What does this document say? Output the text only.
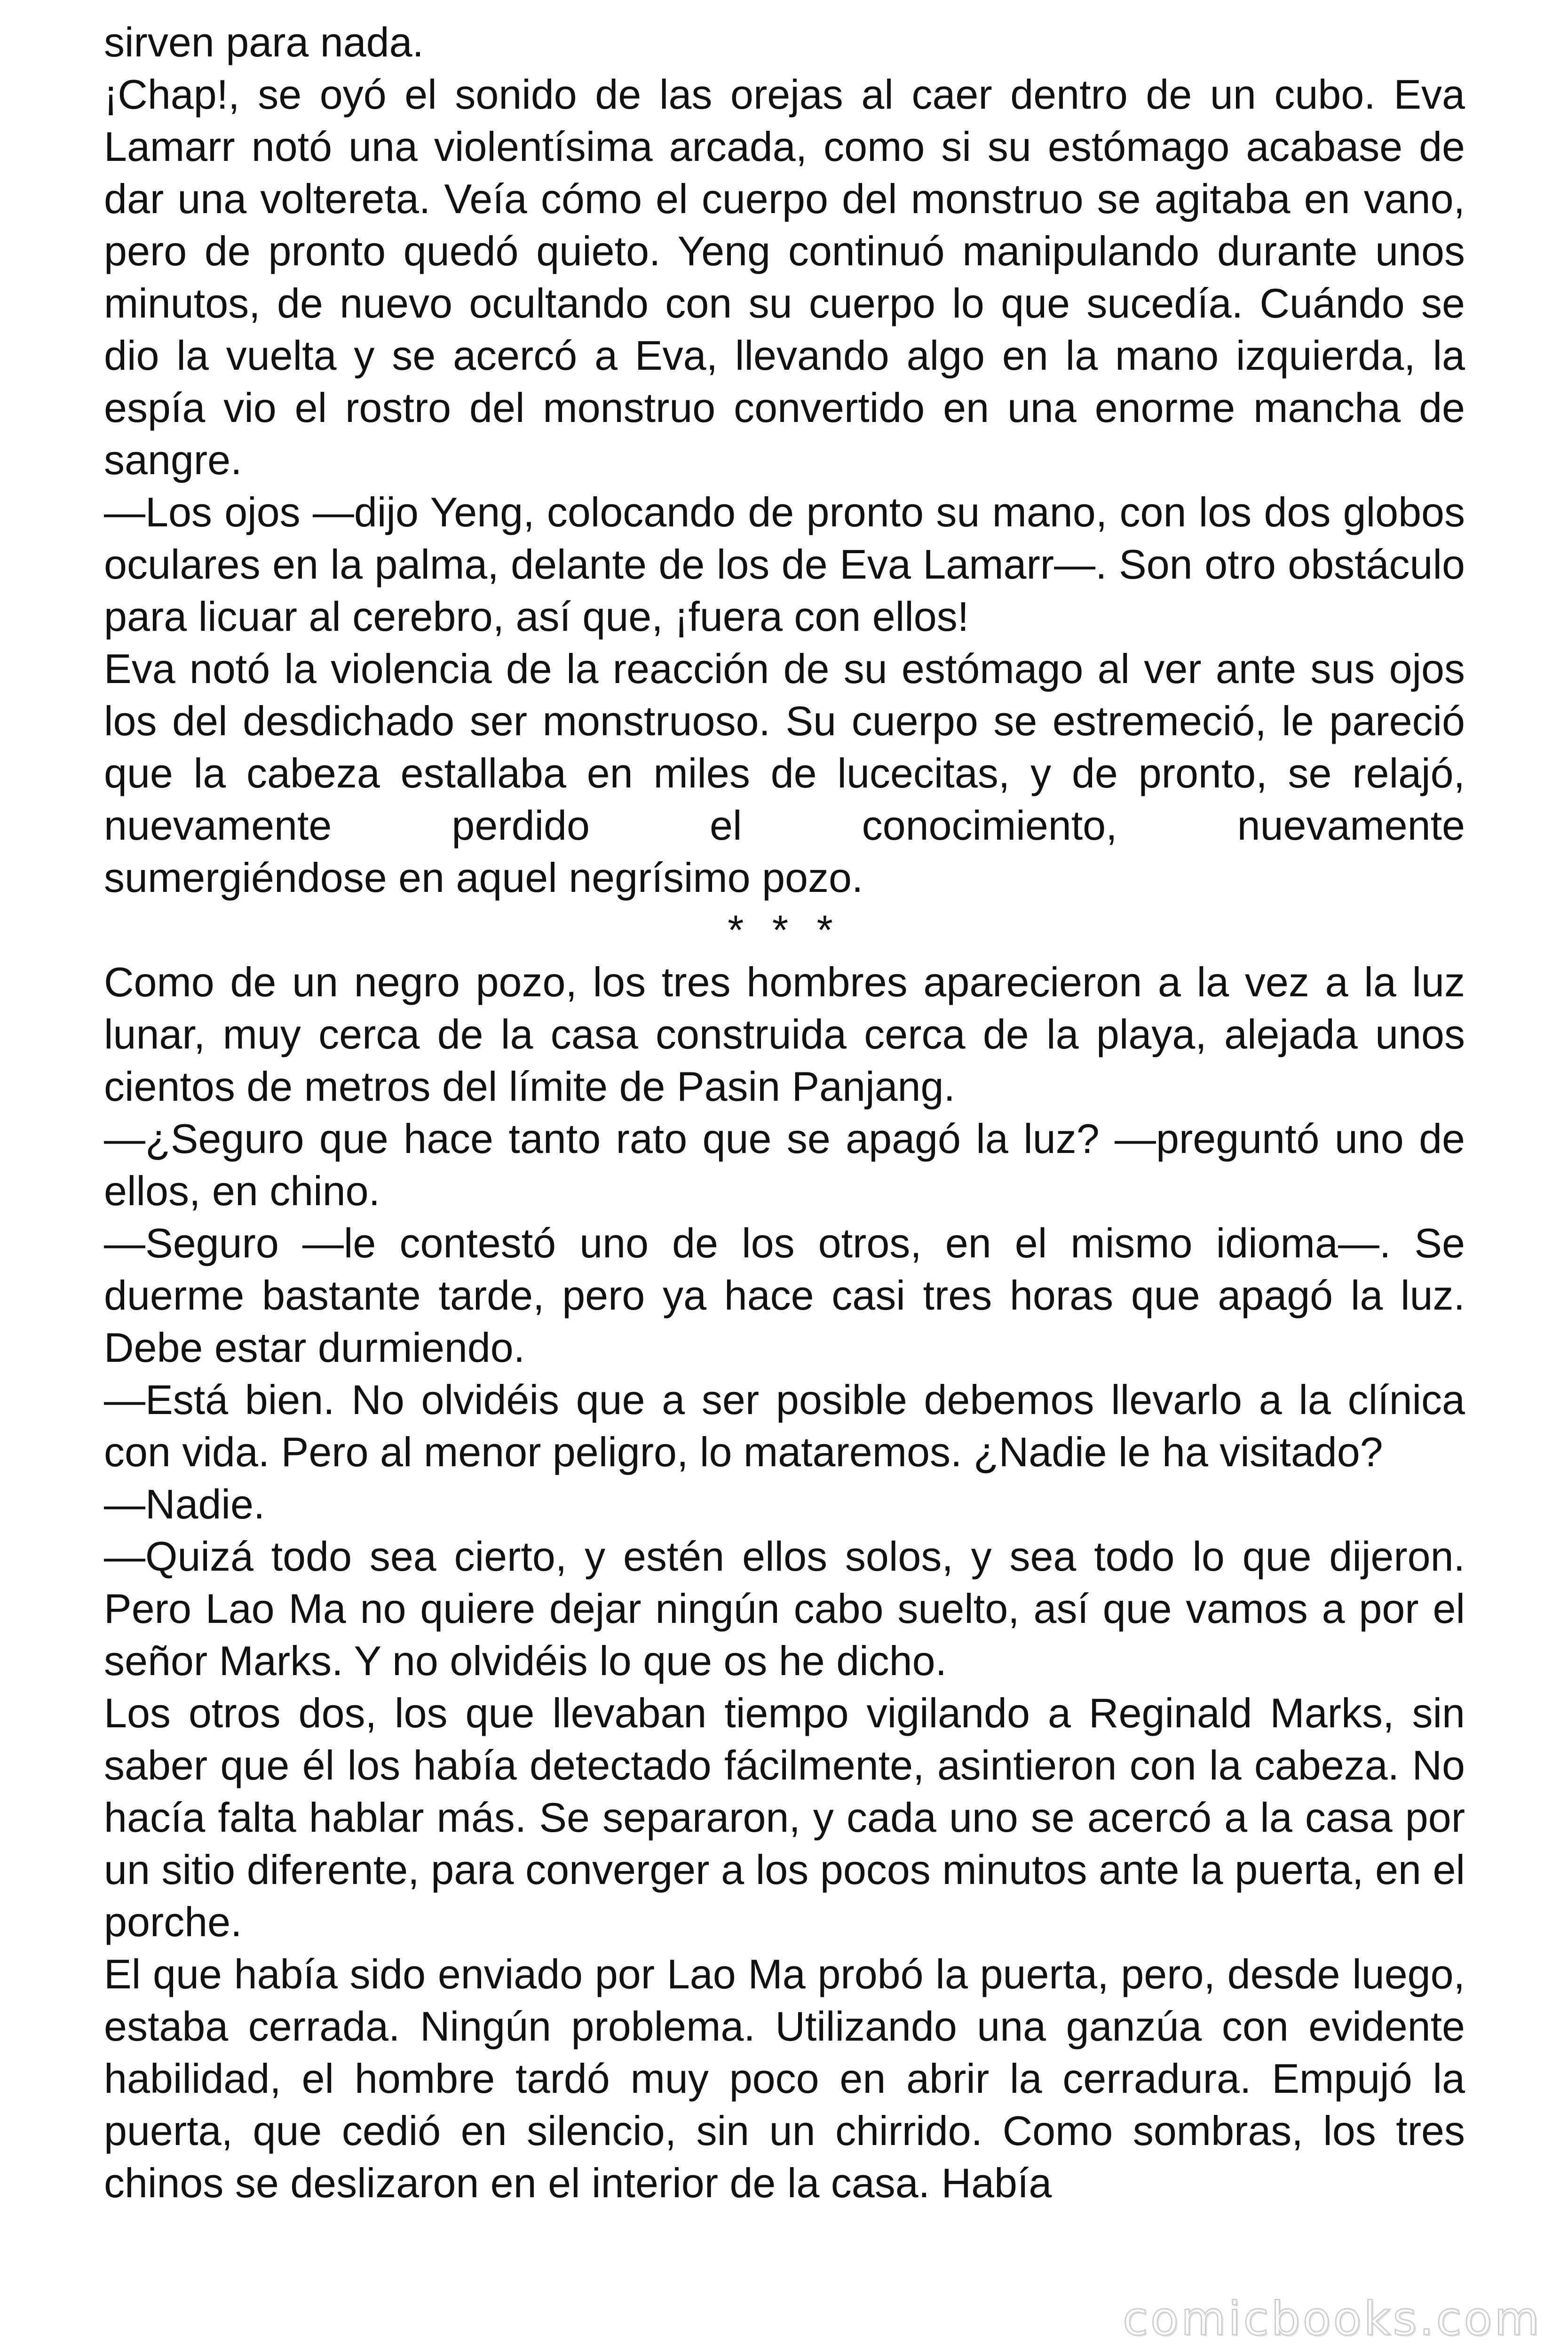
sirven para nada.

¡Chap!, se oyó el sonido de las orejas al caer dentro de un cubo. Eva Lamarr notó una violentísima arcada, como si su estómago acabase de dar una voltereta. Veía cómo el cuerpo del monstruo se agitaba en vano, pero de pronto quedó quieto. Yeng continuó manipulando durante unos minutos, de nuevo ocultando con su cuerpo lo que sucedía. Cuándo se dio la vuelta y se acercó a Eva, llevando algo en la mano izquierda, la espía vio el rostro del monstruo convertido en una enorme mancha de sangre.

—Los ojos —dijo Yeng, colocando de pronto su mano, con los dos globos oculares en la palma, delante de los de Eva Lamarr—. Son otro obstáculo para licuar al cerebro, así que, ¡fuera con ellos!

Eva notó la violencia de la reacción de su estómago al ver ante sus ojos los del desdichado ser monstruoso. Su cuerpo se estremeció, le pareció que la cabeza estallaba en miles de lucecitas, y de pronto, se relajó, nuevamente perdido el conocimiento, nuevamente

sumergiéndose en aquel negrísimo pozo.

* * *

Como de un negro pozo, los tres hombres aparecieron a la vez a la luz lunar, muy cerca de la casa construida cerca de la playa, alejada unos cientos de metros del límite de Pasin Panjang.

—¿Seguro que hace tanto rato que se apagó la luz? —preguntó uno de ellos, en chino.

—Seguro —le contestó uno de los otros, en el mismo idioma—. Se duerme bastante tarde, pero ya hace casi tres horas que apagó la luz. Debe estar durmiendo.

—Está bien. No olvidéis que a ser posible debemos llevarlo a la clínica con vida. Pero al menor peligro, lo mataremos. ¿Nadie le ha visitado?

—Nadie.

—Quizá todo sea cierto, y estén ellos solos, y sea todo lo que dijeron. Pero Lao Ma no quiere dejar ningún cabo suelto, así que vamos a por el señor Marks. Y no olvidéis lo que os he dicho.

Los otros dos, los que llevaban tiempo vigilando a Reginald Marks, sin saber que él los había detectado fácilmente, asintieron con la cabeza. No hacía falta hablar más. Se separaron, y cada uno se acercó a la casa por un sitio diferente, para converger a los pocos minutos ante la puerta, en el porche.

El que había sido enviado por Lao Ma probó la puerta, pero, desde luego, estaba cerrada. Ningún problema. Utilizando una ganzúa con evidente habilidad, el hombre tardó muy poco en abrir la cerradura. Empujó la puerta, que cedió en silencio, sin un chirrido. Como sombras, los tres chinos se deslizaron en el interior de la casa. Había

comicbooks.com
